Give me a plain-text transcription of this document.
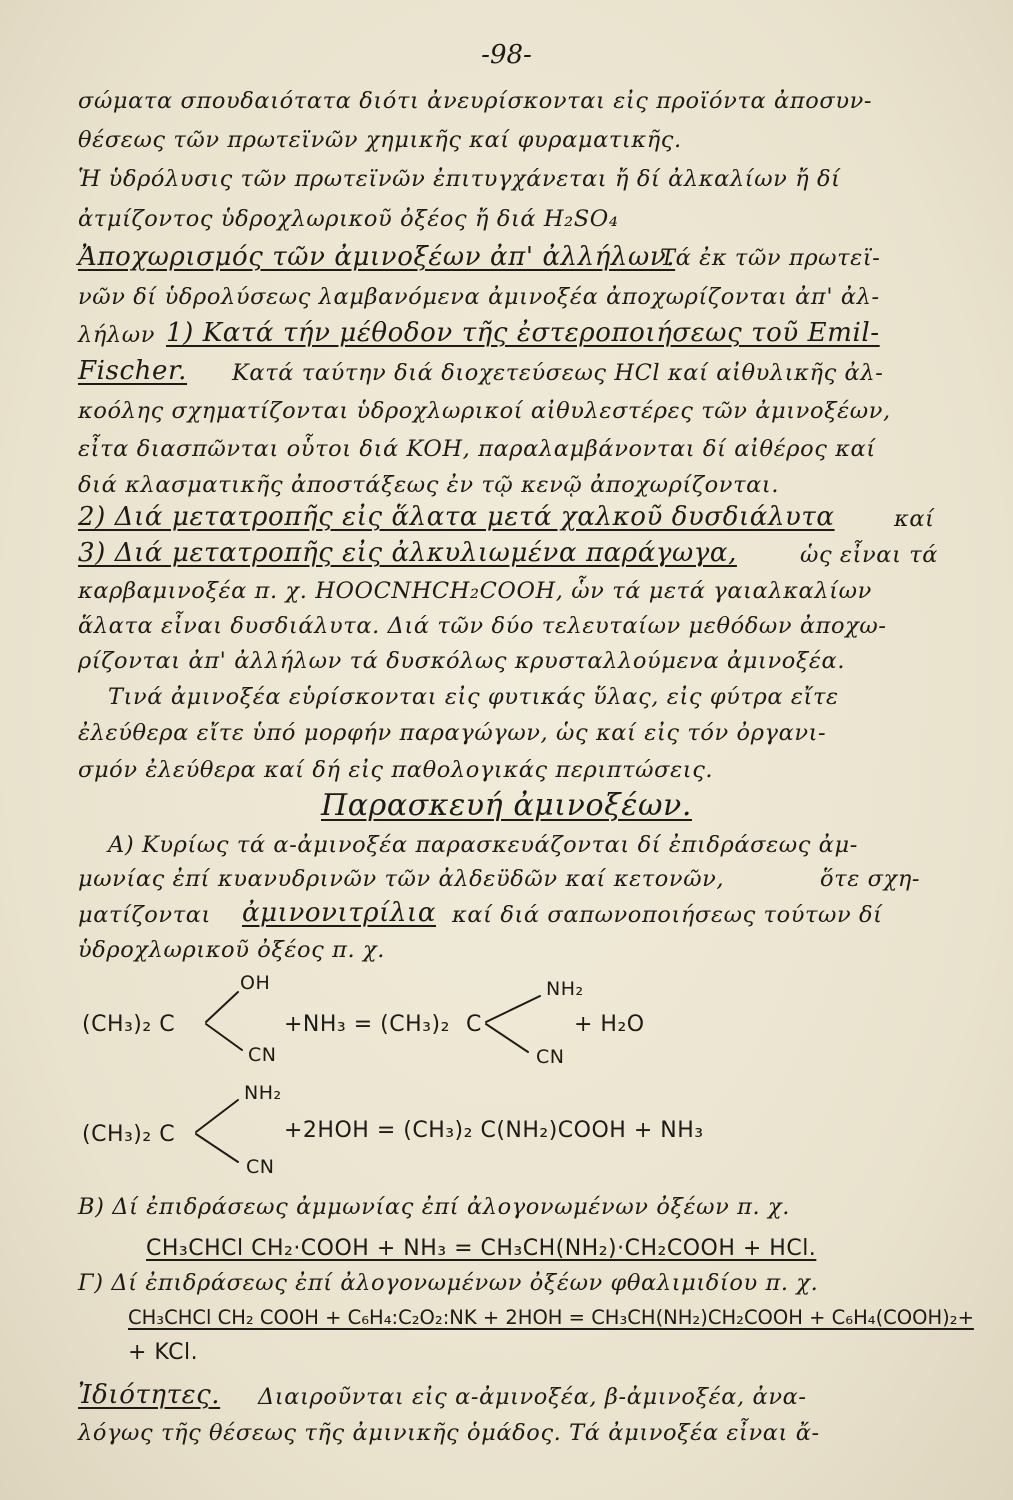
-98-
σώματα σπουδαιότατα διότι ἀνευρίσκονται εἰς προϊόντα ἀποσυν-
θέσεως τῶν πρωτεϊνῶν χημικῆς καί φυραματικῆς.
Ἡ ὑδρόλυσις τῶν πρωτεϊνῶν ἐπιτυγχάνεται ἤ δί ἀλκαλίων ἤ δί
ἀτμίζοντος ὑδροχλωρικοῦ ὀξέος ἤ διά H₂SO₄
Ἀποχωρισμός τῶν ἀμινοξέων ἀπ' ἀλλήλων.
Τά ἐκ τῶν πρωτεϊ-
νῶν δί ὑδρολύσεως λαμβανόμενα ἀμινοξέα ἀποχωρίζονται ἀπ' ἀλ-
λήλων 1) Κατά τήν μέθοδον τῆς ἐστεροποιήσεως τοῦ Emil-
Fischer. Κατά ταύτην διά διοχετεύσεως HCl καί αἰθυλικῆς ἀλ-
κοόλης σχηματίζονται ὑδροχλωρικοί αἰθυλεστέρες τῶν ἀμινοξέων,
εἶτα διασπῶνται οὗτοι διά KOH, παραλαμβάνονται δί αἰθέρος καί
διά κλασματικῆς ἀποστάξεως ἐν τῷ κενῷ ἀποχωρίζονται.
2) Διά μετατροπῆς εἰς ἅλατα μετά χαλκοῦ δυσδιάλυτα	καί
3) Διά μετατροπῆς εἰς ἀλκυλιωμένα παράγωγα,	ὡς εἶναι τά
καρβαμινοξέα π. χ. HOOCNHCH₂COOH, ὧν τά μετά γαιαλκαλίων
ἅλατα εἶναι δυσδιάλυτα. Διά τῶν δύο τελευταίων μεθόδων ἀποχω-
ρίζονται ἀπ' ἀλλήλων τά δυσκόλως κρυσταλλούμενα ἀμινοξέα.
Τινά ἀμινοξέα εὑρίσκονται εἰς φυτικάς ὕλας, εἰς φύτρα εἴτε
ἐλεύθερα εἴτε ὑπό μορφήν παραγώγων, ὡς καί εἰς τόν ὀργανι-
σμόν ἐλεύθερα καί δή εἰς παθολογικάς περιπτώσεις.
Παρασκευή ἀμινοξέων.
A) Κυρίως τά α-ἀμινοξέα παρασκευάζονται δί ἐπιδράσεως ἀμ-
μωνίας ἐπί κυανυδρινῶν τῶν ἀλδεϋδῶν καί κετονῶν,	ὅτε σχη-
ματίζονται ἀμινονιτρίλια καί διά σαπωνοποιήσεως τούτων δί
ὑδροχλωρικοῦ ὀξέος π. χ.
OH
(CH₃)₂ C	+NH₃ = (CH₃)₂ C
NH₂
+ H₂O
CN	CN
NH₂
(CH₃)₂ C	+2HOH = (CH₃)₂ C(NH₂)COOH + NH₃
CN
B) Δί ἐπιδράσεως ἀμμωνίας ἐπί ἀλογονωμένων ὀξέων π. χ.
CH₃CHCl CH₂·COOH + NH₃ = CH₃CH(NH₂)·CH₂COOH + HCl.
Γ) Δί ἐπιδράσεως ἐπί ἀλογονωμένων ὀξέων φθαλιμιδίου π. χ.
CH₃CHCl CH₂ COOH + C₆H₄:C₂O₂:NK + 2HOH = CH₃CH(NH₂)CH₂COOH + C₆H₄(COOH)₂+
+ KCl.
Ἰδιότητες. Διαιροῦνται εἰς α-ἀμινοξέα, β-ἀμινοξέα, ἀνα-
λόγως τῆς θέσεως τῆς ἀμινικῆς ὁμάδος. Τά ἀμινοξέα εἶναι ἄ-
